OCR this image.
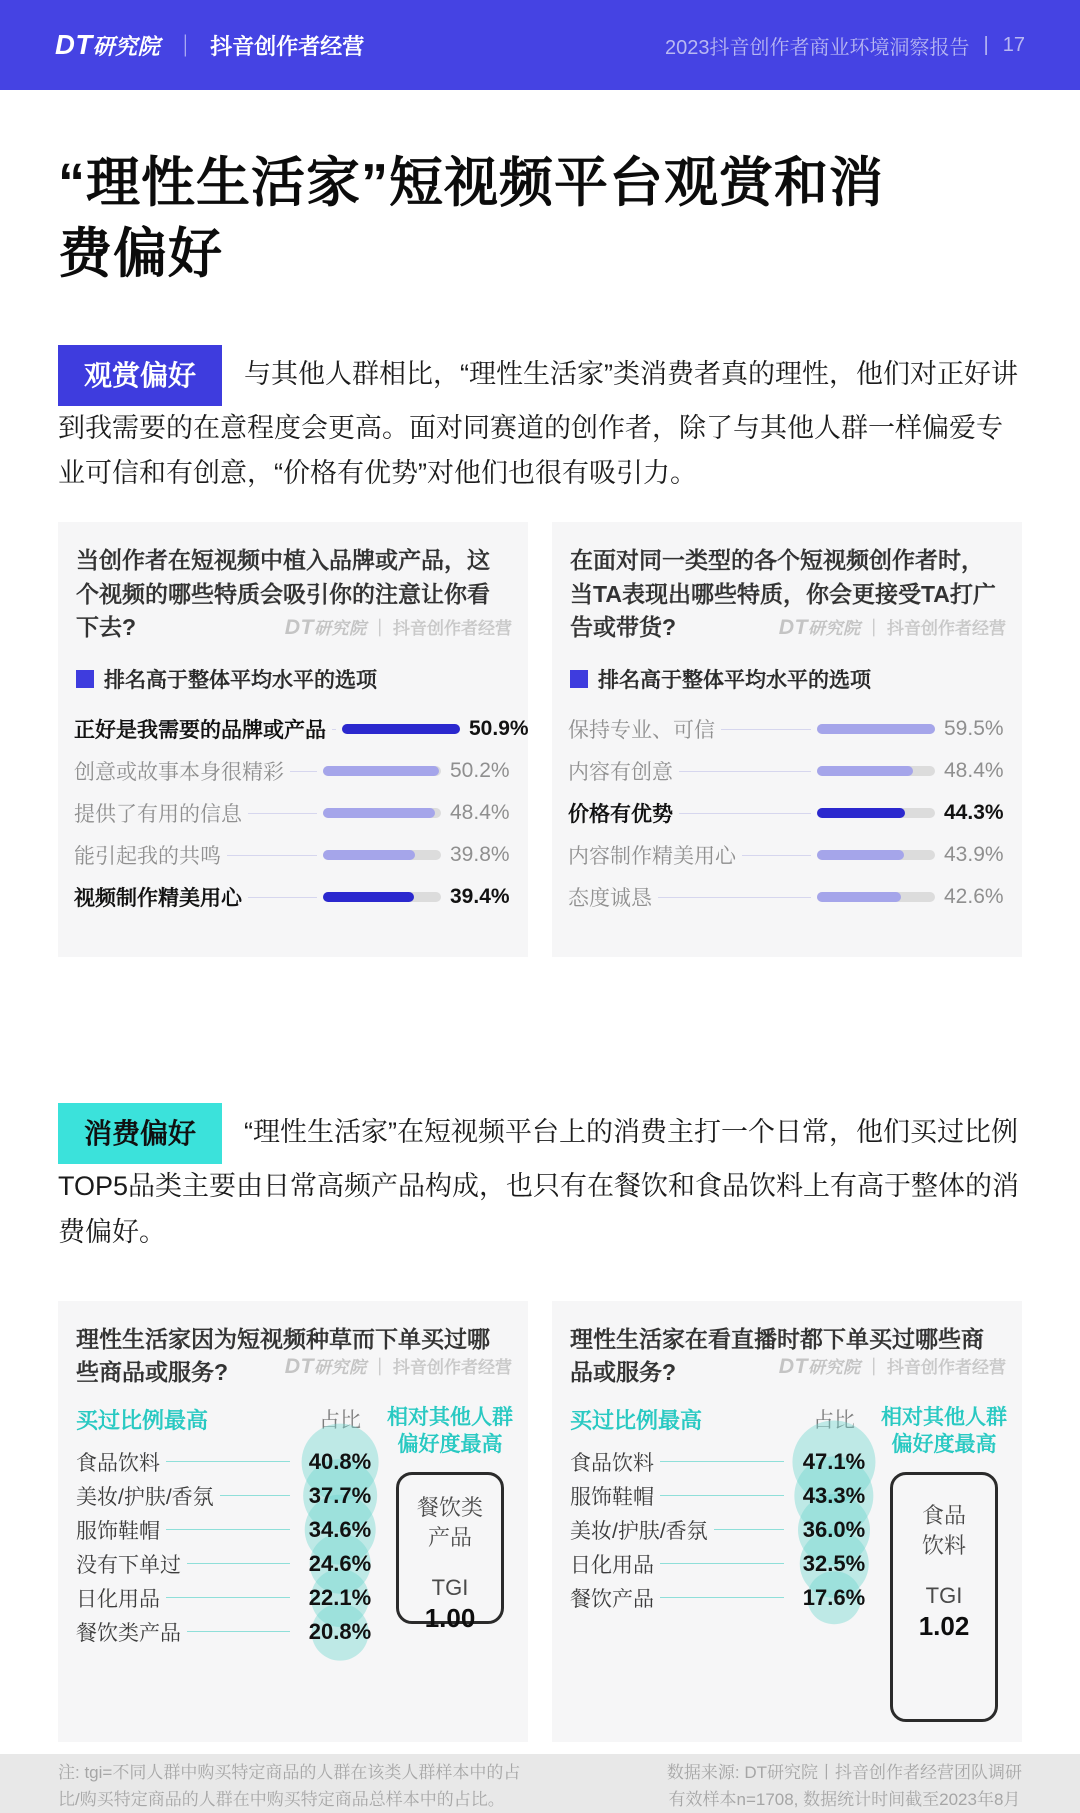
DT研究院 ｜ 抖音创作者经营	2023抖音创作者商业环境洞察报告 | 17
“理性生活家”短视频平台观赏和消费偏好

观赏偏好 与其他人群相比，“理性生活家”类消费者真的理性，他们对正好讲到我需要的在意程度会更高。面对同赛道的创作者，除了与其他人群一样偏爱专业可信和有创意，“价格有优势”对他们也很有吸引力。

当创作者在短视频中植入品牌或产品，这个视频的哪些特质会吸引你的注意让你看下去?	DT研究院 ｜ 抖音创作者经营
排名高于整体平均水平的选项
正好是我需要的品牌或产品	50.9%
创意或故事本身很精彩	50.2%
提供了有用的信息	48.4%
能引起我的共鸣	39.8%
视频制作精美用心	39.4%
在面对同一类型的各个短视频创作者时，当TA表现出哪些特质，你会更接受TA打广告或带货?	DT研究院 ｜ 抖音创作者经营
排名高于整体平均水平的选项
保持专业、可信	59.5%
内容有创意	48.4%
价格有优势	44.3%
内容制作精美用心	43.9%
态度诚恳	42.6%

消费偏好 “理性生活家”在短视频平台上的消费主打一个日常，他们买过比例TOP5品类主要由日常高频产品构成，也只有在餐饮和食品饮料上有高于整体的消费偏好。

理性生活家因为短视频种草而下单买过哪些商品或服务?	DT研究院 ｜ 抖音创作者经营
买过比例最高	占比
食品饮料	40.8%
美妆/护肤/香氛	37.7%
服饰鞋帽	34.6%
没有下单过	24.6%
日化用品	22.1%
餐饮类产品	20.8%
相对其他人群偏好度最高
餐饮类
产品
TGI
1.00
理性生活家在看直播时都下单买过哪些商品或服务?	DT研究院 ｜ 抖音创作者经营
买过比例最高	占比
食品饮料	47.1%
服饰鞋帽	43.3%
美妆/护肤/香氛	36.0%
日化用品	32.5%
餐饮产品	17.6%
相对其他人群偏好度最高
食品
饮料
TGI
1.02

注: tgi=不同人群中购买特定商品的人群在该类人群样本中的占比/购买特定商品的人群在中购买特定商品总样本中的占比。

数据来源: DT研究院丨抖音创作者经营团队调研
有效样本n=1708, 数据统计时间截至2023年8月
